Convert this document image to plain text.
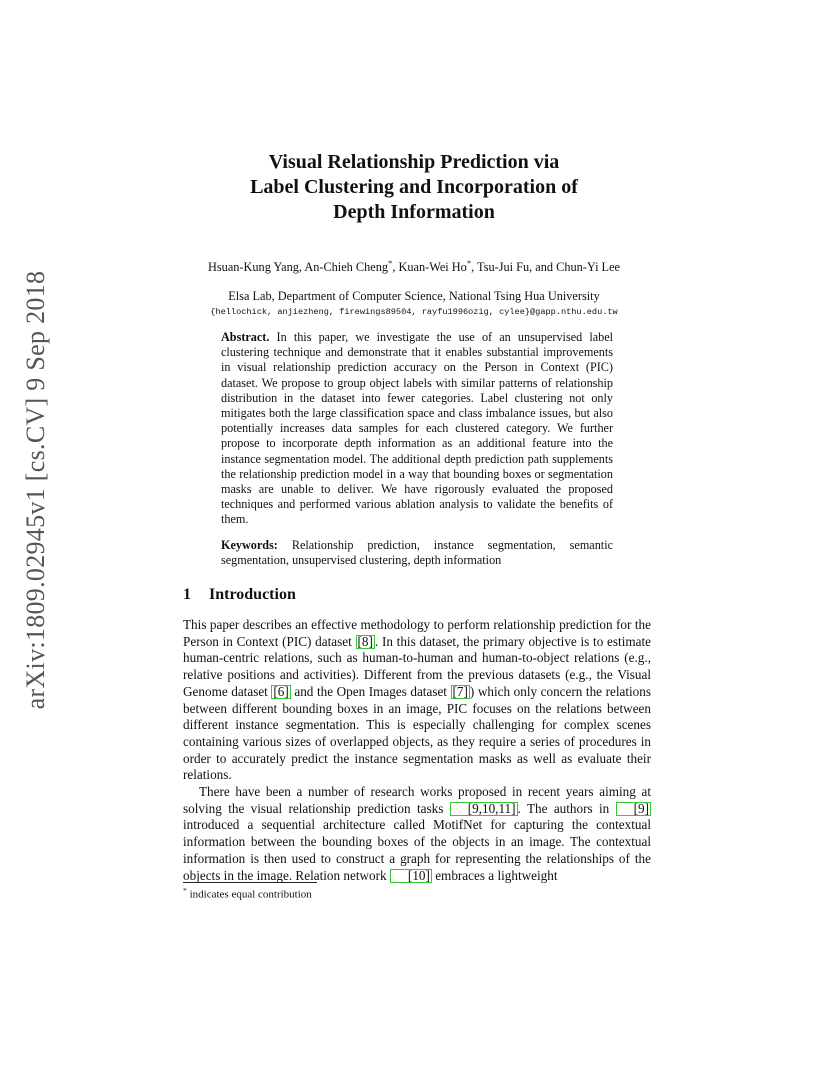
arXiv:1809.02945v1 [cs.CV] 9 Sep 2018
Visual Relationship Prediction via
Label Clustering and Incorporation of
Depth Information
Hsuan-Kung Yang, An-Chieh Cheng*, Kuan-Wei Ho*, Tsu-Jui Fu, and Chun-Yi Lee
Elsa Lab, Department of Computer Science, National Tsing Hua University
{hellochick, anjiezheng, firewings89504, rayfu1996ozig, cylee}@gapp.nthu.edu.tw
Abstract. In this paper, we investigate the use of an unsupervised label clustering technique and demonstrate that it enables substantial improvements in visual relationship prediction accuracy on the Person in Context (PIC) dataset. We propose to group object labels with similar patterns of relationship distribution in the dataset into fewer categories. Label clustering not only mitigates both the large classification space and class imbalance issues, but also potentially increases data samples for each clustered category. We further propose to incorporate depth information as an additional feature into the instance segmentation model. The additional depth prediction path supplements the relationship prediction model in a way that bounding boxes or segmentation masks are unable to deliver. We have rigorously evaluated the proposed techniques and performed various ablation analysis to validate the benefits of them.
Keywords: Relationship prediction, instance segmentation, semantic segmentation, unsupervised clustering, depth information
1 Introduction

This paper describes an effective methodology to perform relationship prediction for the Person in Context (PIC) dataset [8] . In this dataset, the primary objective is to estimate human-centric relations, such as human-to-human and human-to-object relations (e.g., relative positions and activities). Different from the previous datasets (e.g., the Visual Genome dataset [6] and the Open Images dataset [7] ) which only concern the relations between different bounding boxes in an image, PIC focuses on the relations between different instance segmentation. This is especially challenging for complex scenes containing various sizes of overlapped objects, as they require a series of procedures in order to accurately predict the instance segmentation masks as well as evaluate their relations.

There have been a number of research works proposed in recent years aiming at solving the visual relationship prediction tasks [9,10,11] . The authors in [9] introduced a sequential architecture called MotifNet for capturing the contextual information between the bounding boxes of the objects in an image. The contextual information is then used to construct a graph for representing the relationships of the objects in the image. Relation network [10] embraces a lightweight

* indicates equal contribution
